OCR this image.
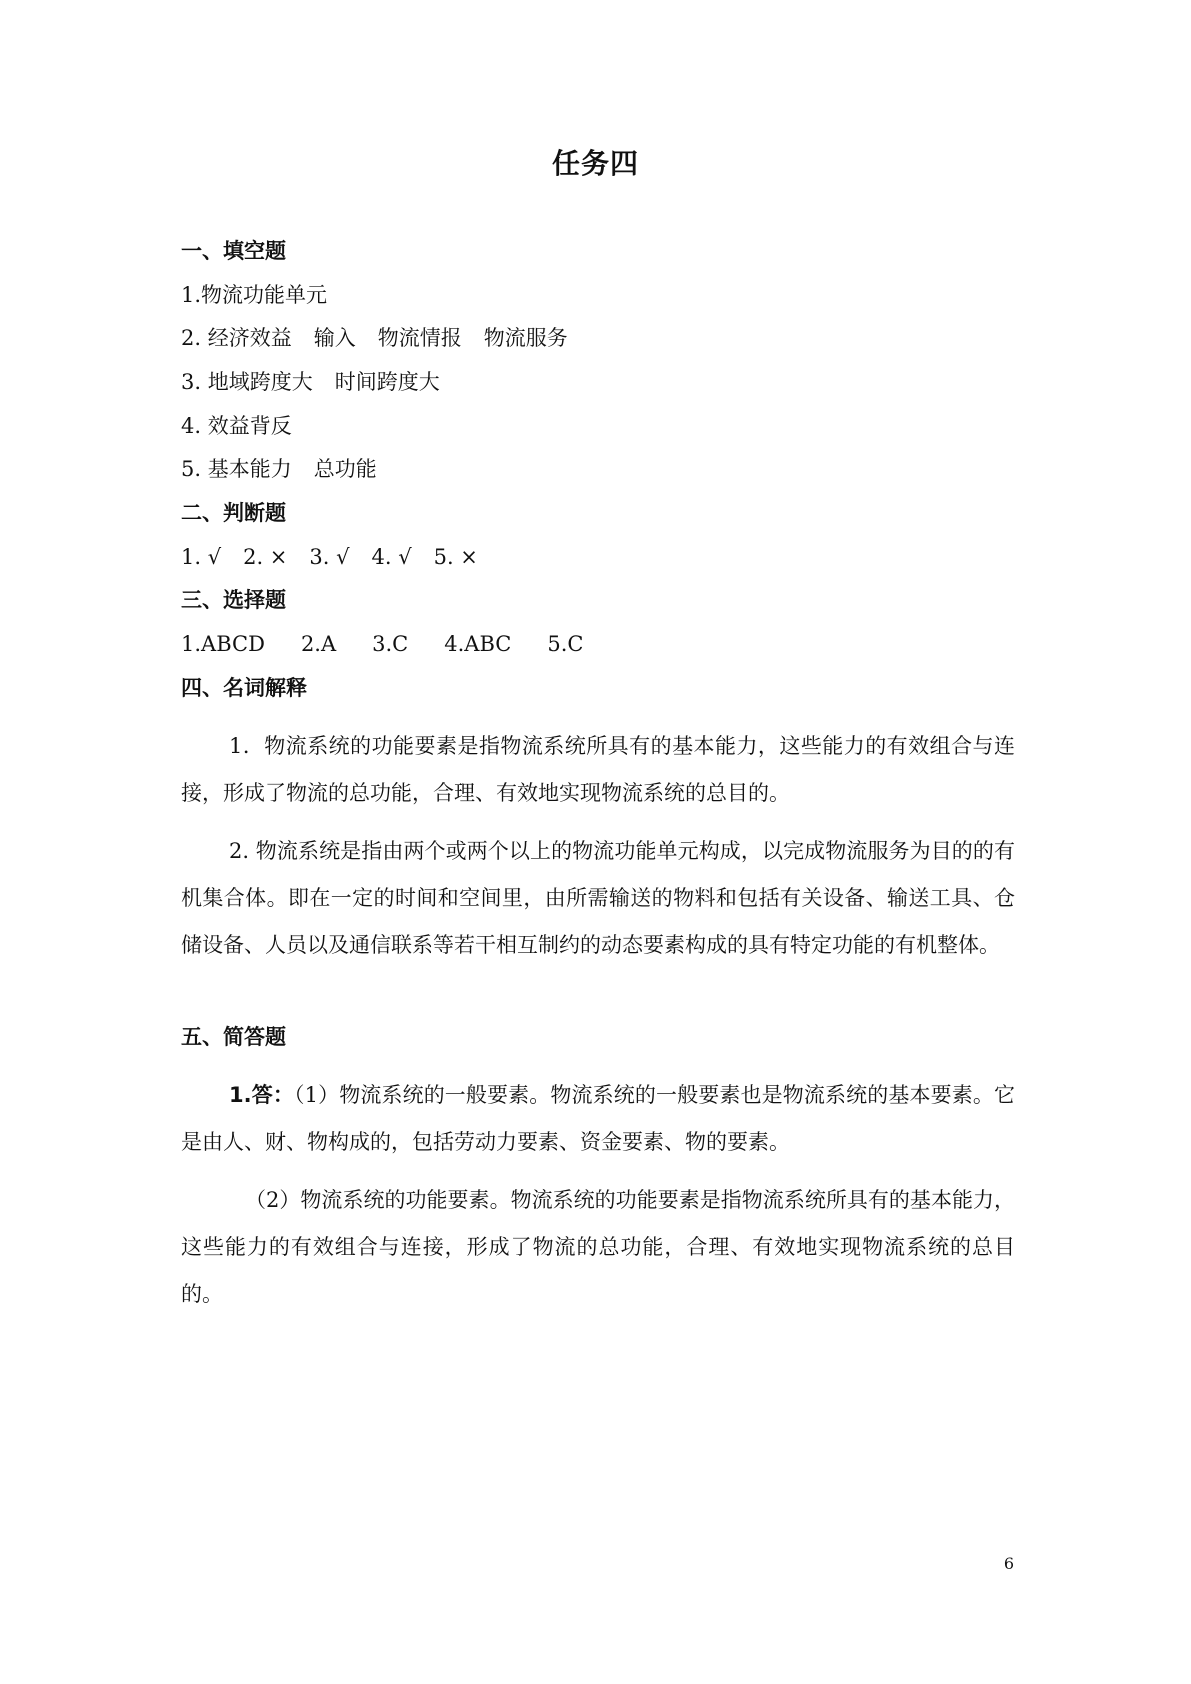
任务四
一、填空题
1.物流功能单元
2. 经济效益 输入 物流情报 物流服务
3. 地域跨度大 时间跨度大
4. 效益背反
5. 基本能力 总功能
二、判断题
1. √ 2. × 3. √ 4. √ 5. ×
三、选择题
1.ABCD 2.A 3.C 4.ABC 5.C
四、名词解释
1．物流系统的功能要素是指物流系统所具有的基本能力，这些能力的有效组合与连接，形成了物流的总功能，合理、有效地实现物流系统的总目的。
2. 物流系统是指由两个或两个以上的物流功能单元构成，以完成物流服务为目的的有机集合体。即在一定的时间和空间里，由所需输送的物料和包括有关设备、输送工具、仓储设备、人员以及通信联系等若干相互制约的动态要素构成的具有特定功能的有机整体。
五、简答题
1.答：（1）物流系统的一般要素。物流系统的一般要素也是物流系统的基本要素。它是由人、财、物构成的，包括劳动力要素、资金要素、物的要素。
（2）物流系统的功能要素。物流系统的功能要素是指物流系统所具有的基本能力，这些能力的有效组合与连接，形成了物流的总功能，合理、有效地实现物流系统的总目的。
6
